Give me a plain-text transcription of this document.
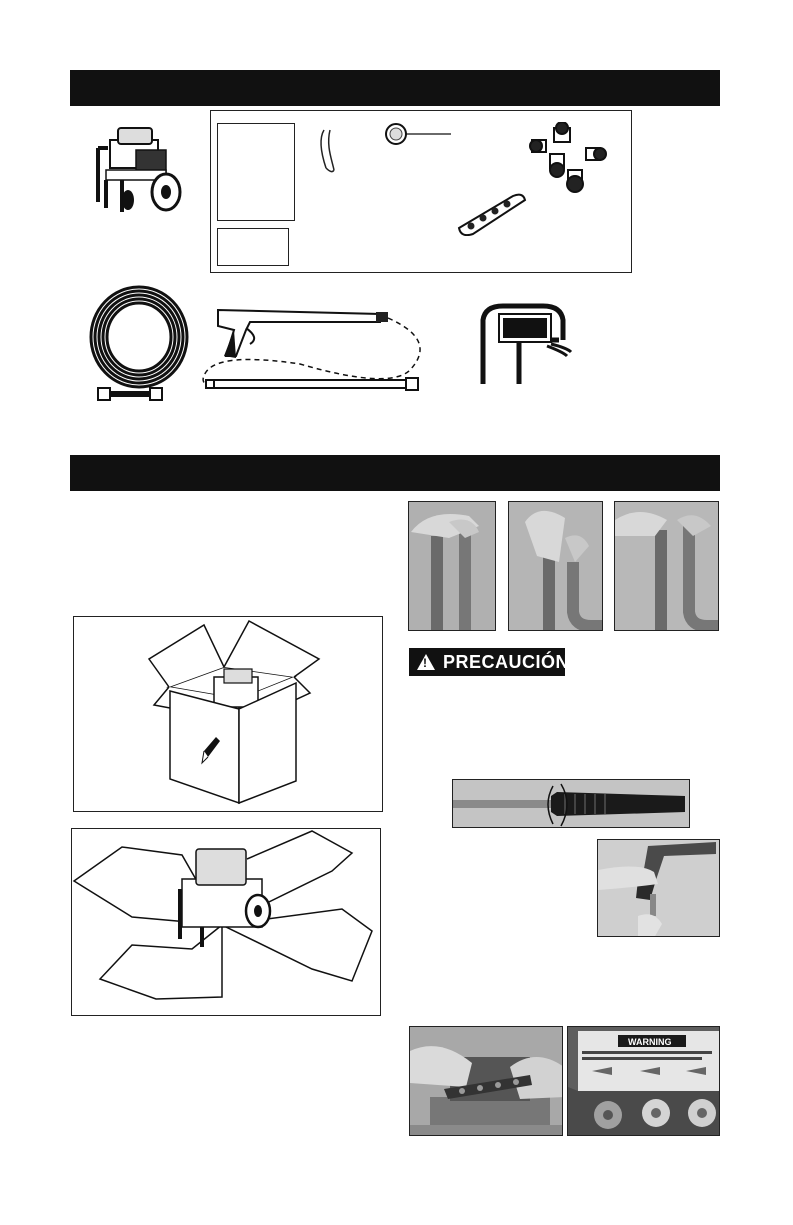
!
PRECAUCIÓN
WARNING
